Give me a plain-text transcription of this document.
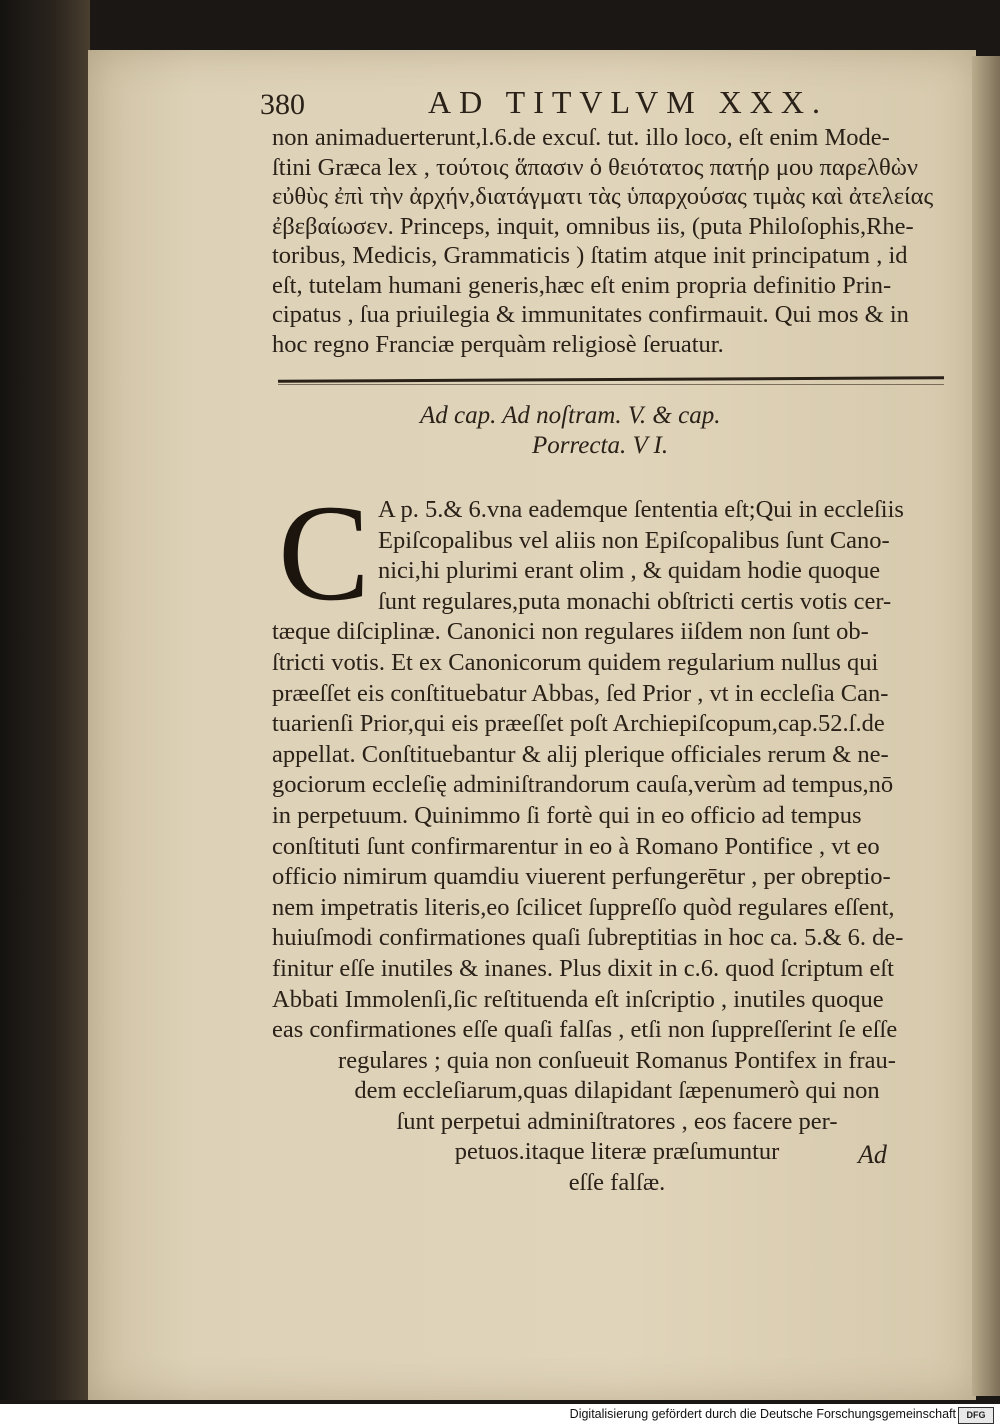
380	AD TITVLVM XXX.
non animaduerterunt,l.6.de excuſ. tut. illo loco, eſt enim Mode-
ſtini Græca lex , τούτοις ἅπασιν ὁ θειότατος πατήρ μου παρελθὼν
εὐθὺς ἐπὶ τὴν ἀρχήν,διατάγματι τὰς ὑπαρχούσας τιμὰς καὶ ἀτελείας
ἐβεβαίωσεν. Princeps, inquit, omnibus iis, (puta Philoſophis,Rhe-
toribus, Medicis, Grammaticis ) ſtatim atque init principatum , id
eſt, tutelam humani generis,hæc eſt enim propria definitio Prin-
cipatus , ſua priuilegia & immunitates confirmauit. Qui mos & in
hoc regno Franciæ perquàm religiosè ſeruatur.
Ad cap. Ad noſtram. V. & cap.
Porrecta. V I.
C A p. 5.& 6.vna eademque ſententia eſt;Qui in eccleſiis
Epiſcopalibus vel aliis non Epiſcopalibus ſunt Cano-
nici,hi plurimi erant olim , & quidam hodie quoque
ſunt regulares,puta monachi obſtricti certis votis cer-
tæque diſciplinæ. Canonici non regulares iiſdem non ſunt ob-
ſtricti votis. Et ex Canonicorum quidem regularium nullus qui
præeſſet eis conſtituebatur Abbas, ſed Prior , vt in eccleſia Can-
tuarienſi Prior,qui eis præeſſet poſt Archiepiſcopum,cap.52.ſ.de
appellat. Conſtituebantur & alij plerique officiales rerum & ne-
gociorum eccleſię adminiſtrandorum cauſa,verùm ad tempus,nō
in perpetuum. Quinimmo ſi fortè qui in eo officio ad tempus
conſtituti ſunt confirmarentur in eo à Romano Pontifice , vt eo
officio nimirum quamdiu viuerent perfungerētur , per obreptio-
nem impetratis literis,eo ſcilicet ſuppreſſo quòd regulares eſſent,
huiuſmodi confirmationes quaſi ſubreptitias in hoc ca. 5.& 6. de-
finitur eſſe inutiles & inanes. Plus dixit in c.6. quod ſcriptum eſt
Abbati Immolenſi,ſic reſtituenda eſt inſcriptio , inutiles quoque
eas confirmationes eſſe quaſi falſas , etſi non ſuppreſſerint ſe eſſe
regulares ; quia non conſueuit Romanus Pontifex in frau-
dem eccleſiarum,quas dilapidant ſæpenumerò qui non
ſunt perpetui adminiſtratores , eos facere per-
petuos.itaque literæ præſumuntur
eſſe falſæ.
Ad
Digitalisierung gefördert durch die Deutsche Forschungsgemeinschaft	DFG
